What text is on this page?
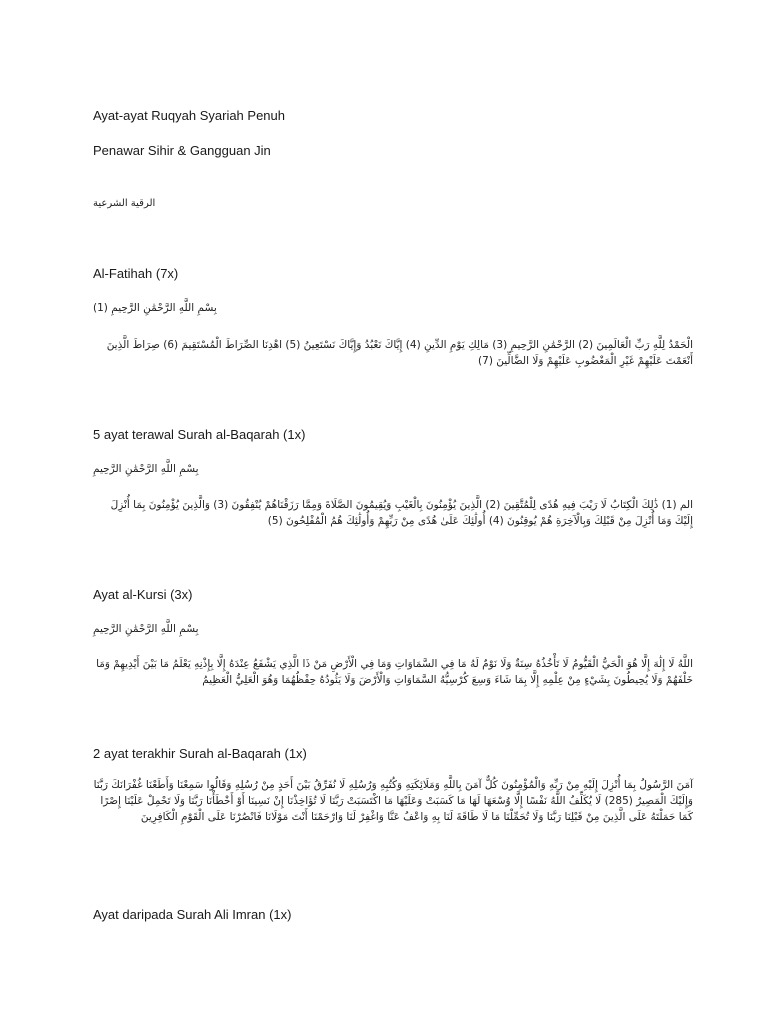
Ayat-ayat Ruqyah Syariah Penuh
Penawar Sihir & Gangguan Jin
الرقية الشرعية
Al-Fatihah (7x)
بِسْمِ اللَّهِ الرَّحْمَٰنِ الرَّحِيمِ (1)
الْحَمْدُ لِلَّهِ رَبِّ الْعَالَمِينَ (2) الرَّحْمَٰنِ الرَّحِيمِ (3) مَالِكِ يَوْمِ الدِّينِ (4) إِيَّاكَ نَعْبُدُ وَإِيَّاكَ نَسْتَعِينُ (5) اهْدِنَا الصِّرَاطَ الْمُسْتَقِيمَ (6) صِرَاطَ الَّذِينَ أَنْعَمْتَ عَلَيْهِمْ غَيْرِ الْمَغْضُوبِ عَلَيْهِمْ وَلَا الضَّالِّينَ (7)
5 ayat terawal Surah al-Baqarah (1x)
بِسْمِ اللَّهِ الرَّحْمَٰنِ الرَّحِيمِ
الم (1) ذَٰلِكَ الْكِتَابُ لَا رَيْبَ فِيهِ هُدًى لِلْمُتَّقِينَ (2) الَّذِينَ يُؤْمِنُونَ بِالْغَيْبِ وَيُقِيمُونَ الصَّلَاةَ وَمِمَّا رَزَقْنَاهُمْ يُنْفِقُونَ (3) وَالَّذِينَ يُؤْمِنُونَ بِمَا أُنْزِلَ إِلَيْكَ وَمَا أُنْزِلَ مِنْ قَبْلِكَ وَبِالْآخِرَةِ هُمْ يُوقِنُونَ (4) أُولَٰئِكَ عَلَىٰ هُدًى مِنْ رَبِّهِمْ وَأُولَٰئِكَ هُمُ الْمُفْلِحُونَ (5)
Ayat al-Kursi (3x)
بِسْمِ اللَّهِ الرَّحْمَٰنِ الرَّحِيمِ
اللَّهُ لَا إِلَٰهَ إِلَّا هُوَ الْحَيُّ الْقَيُّومُ لَا تَأْخُذُهُ سِنَةٌ وَلَا نَوْمٌ لَهُ مَا فِي السَّمَاوَاتِ وَمَا فِي الْأَرْضِ مَنْ ذَا الَّذِي يَشْفَعُ عِنْدَهُ إِلَّا بِإِذْنِهِ يَعْلَمُ مَا بَيْنَ أَيْدِيهِمْ وَمَا خَلْفَهُمْ وَلَا يُحِيطُونَ بِشَيْءٍ مِنْ عِلْمِهِ إِلَّا بِمَا شَاءَ وَسِعَ كُرْسِيُّهُ السَّمَاوَاتِ وَالْأَرْضَ وَلَا يَئُودُهُ حِفْظُهُمَا وَهُوَ الْعَلِيُّ الْعَظِيمُ
2 ayat terakhir Surah al-Baqarah (1x)
آمَنَ الرَّسُولُ بِمَا أُنْزِلَ إِلَيْهِ مِنْ رَبِّهِ وَالْمُؤْمِنُونَ كُلٌّ آمَنَ بِاللَّهِ وَمَلَائِكَتِهِ وَكُتُبِهِ وَرُسُلِهِ لَا نُفَرِّقُ بَيْنَ أَحَدٍ مِنْ رُسُلِهِ وَقَالُوا سَمِعْنَا وَأَطَعْنَا غُفْرَانَكَ رَبَّنَا وَإِلَيْكَ الْمَصِيرُ (285) لَا يُكَلِّفُ اللَّهُ نَفْسًا إِلَّا وُسْعَهَا لَهَا مَا كَسَبَتْ وَعَلَيْهَا مَا اكْتَسَبَتْ رَبَّنَا لَا تُؤَاخِذْنَا إِنْ نَسِينَا أَوْ أَخْطَأْنَا رَبَّنَا وَلَا تَحْمِلْ عَلَيْنَا إِصْرًا كَمَا حَمَلْتَهُ عَلَى الَّذِينَ مِنْ قَبْلِنَا رَبَّنَا وَلَا تُحَمِّلْنَا مَا لَا طَاقَةَ لَنَا بِهِ وَاعْفُ عَنَّا وَاغْفِرْ لَنَا وَارْحَمْنَا أَنْتَ مَوْلَانَا فَانْصُرْنَا عَلَى الْقَوْمِ الْكَافِرِينَ
Ayat daripada Surah Ali Imran (1x)
